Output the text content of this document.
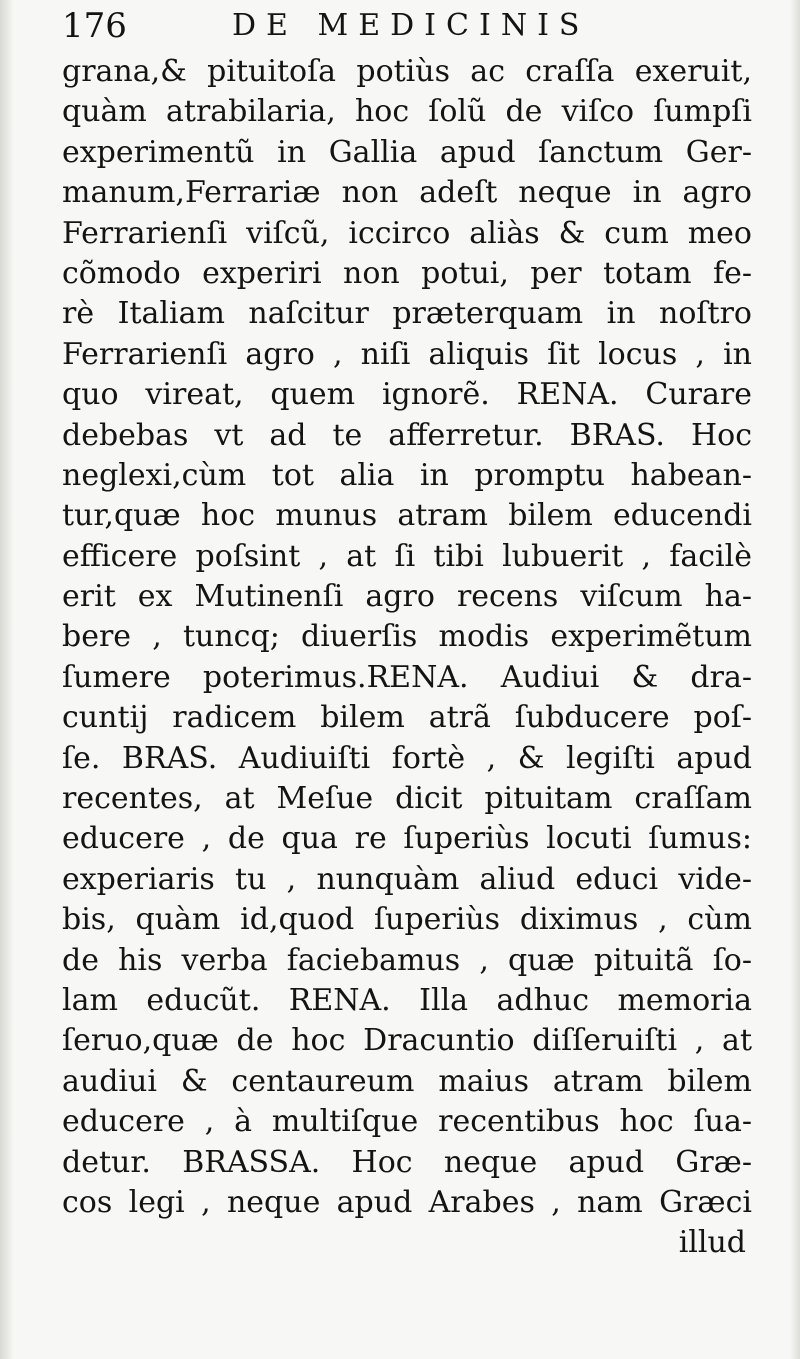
176	DE MEDICINIS
grana,& pituitoſa potiùs ac craſſa exeruit,
quàm atrabilaria, hoc ſolũ de viſco ſumpſi
experimentũ in Gallia apud ſanctum Ger-
manum,Ferrariæ non adeſt neque in agro
Ferrarienſi viſcũ, iccirco aliàs & cum meo
cõmodo experiri non potui, per totam fe-
rè Italiam naſcitur præterquam in noſtro
Ferrarienſi agro , niſi aliquis ſit locus , in
quo vireat, quem ignorẽ. RENA. Curare
debebas vt ad te afferretur. BRAS. Hoc
neglexi,cùm tot alia in promptu habean-
tur,quæ hoc munus atram bilem educendi
efficere poſsint , at ſi tibi lubuerit , facilè
erit ex Mutinenſi agro recens viſcum ha-
bere , tuncq; diuerſis modis experimẽtum
ſumere poterimus.RENA. Audiui & dra-
cuntij radicem bilem atrã ſubducere poſ-
ſe. BRAS. Audiuiſti fortè , & legiſti apud
recentes, at Meſue dicit pituitam craſſam
educere , de qua re ſuperiùs locuti ſumus:
experiaris tu , nunquàm aliud educi vide-
bis, quàm id,quod ſuperiùs diximus , cùm
de his verba faciebamus , quæ pituitã ſo-
lam educũt. RENA. Illa adhuc memoria
ſeruo,quæ de hoc Dracuntio diſſeruiſti , at
audiui & centaureum maius atram bilem
educere , à multiſque recentibus hoc ſua-
detur. BRASSA. Hoc neque apud Græ-
cos legi , neque apud Arabes , nam Græci
illud
